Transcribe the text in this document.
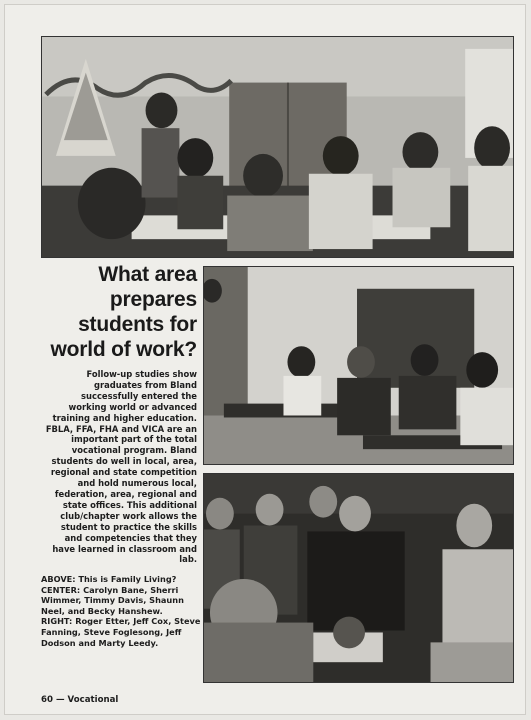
What area prepares students for world of work?

Follow-up studies show graduates from Bland successfully entered the working world or advanced training and higher education. FBLA, FFA, FHA and VICA are an important part of the total vocational program. Bland students do well in local, area, regional and state competition and hold numerous local, federation, area, regional and state offices. This additional club/chapter work allows the student to practice the skills and competencies that they have learned in classroom and lab.

ABOVE: This is Family Living?
CENTER: Carolyn Bane, Sherri Wimmer, Timmy Davis, Shaunn Neel, and Becky Hanshew.
RIGHT: Roger Etter, Jeff Cox, Steve Fanning, Steve Foglesong, Jeff Dodson and Marty Leedy.

60 — Vocational
